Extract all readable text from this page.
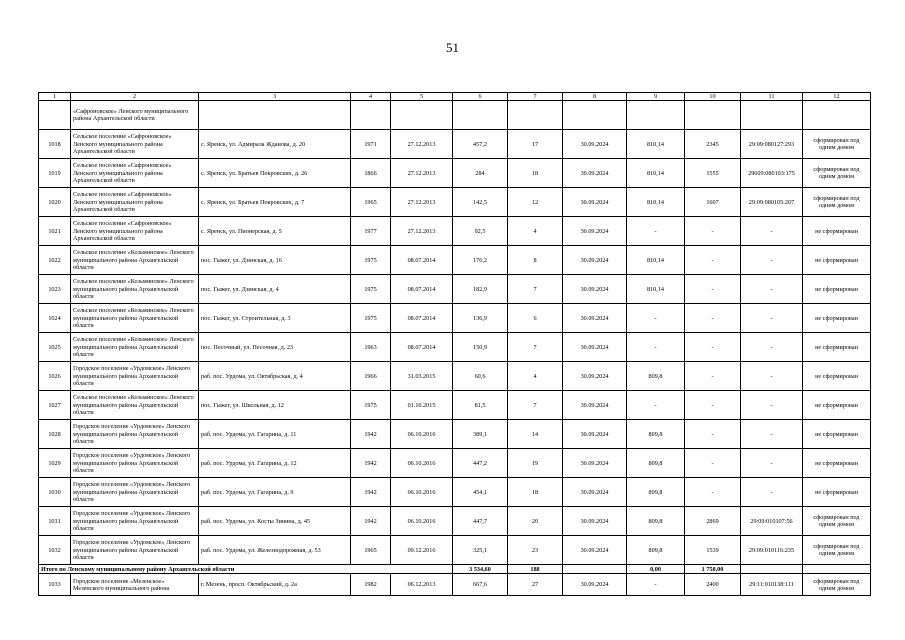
51
1	2	3	4	5	6	7	8	9	10	11	12
	«Сафроновское» Ленского муниципального района Архангельской области										
1018	Сельское поселение «Сафроновское» Ленского муниципального района Архангельской области	с. Яренск, ул. Адмирала Жданова, д. 20	1971	27.12.2013	457,2	17	30.09.2024	810,14	2345	29:09:080127:293	сформирован под одним домом
1019	Сельское поселение «Сафроновское» Ленского муниципального района Архангельской области	с. Яренск, ул. Братьев Покровских, д. 26	1866	27.12.2013	284	18	30.09.2024	810,14	1555	29609:080103:175	сформирован под одним домом
1020	Сельское поселение «Сафроновское» Ленского муниципального района Архангельской области	с. Яренск, ул. Братьев Покровских, д. 7	1965	27.12.2013	142,5	12	30.09.2024	810,14	1607	29:09:080105:207	сформирован под одним домом
1021	Сельское поселение «Сафроновское» Ленского муниципального района Архангельской области	с. Яренск, ул. Пионерская, д. 5	1977	27.12.2013	92,5	4	30.09.2024	-	-	-	не сформирован
1022	Сельское поселение «Козьминское» Ленского муниципального района Архангельской области	пос. Гыжег, ул. Дзинская, д. 16	1975	08.07.2014	176,2	8	30.09.2024	810,14	-	-	не сформирован
1023	Сельское поселение «Козьминское» Ленского муниципального района Архангельской области	пос. Гыжег, ул. Дзинская, д. 4	1975	08.07.2014	182,9	7	30.09.2024	810,14	-	-	не сформирован
1024	Сельское поселение «Козьминское» Ленского муниципального района Архангельской области	пос. Гыжег, ул. Строительная, д. 3	1975	08.07.2014	136,9	6	30.09.2024	-	-	-	не сформирован
1025	Сельское поселение «Козьминское» Ленского муниципального района Архангельской области	пос. Песочный, ул. Песочная, д. 23	1963	08.07.2014	150,9	7	30.09.2024	-	-	-	не сформирован
1026	Городское поселение «Урдомское» Ленского муниципального района Архангельской области	раб. пос. Урдома, ул. Октябрьская, д. 4	1966	31.03.2015	60,6	4	30.09.2024	809,8	-	-	не сформирован
1027	Сельское поселение «Козьминское» Ленского муниципального района Архангельской области	пос. Гыжег, ул. Школьная, д. 12	1975	01.10.2015	81,5	7	30.09.2024	-	-	-	не сформирован
1028	Городское поселение «Урдомское» Ленского муниципального района Архангельской области	раб. пос. Урдома, ул. Гагарина, д. 11	1942	06.10.2016	389,1	14	30.09.2024	809,8	-	-	не сформирован
1029	Городское поселение «Урдомское» Ленского муниципального района Архангельской области	раб. пос. Урдома, ул. Гагарина, д. 12	1942	06.10.2016	447,2	19	30.09.2024	809,8	-	-	не сформирован
1030	Городское поселение «Урдомское» Ленского муниципального района Архангельской области	раб. пос. Урдома, ул. Гагарина, д. 9	1942	06.10.2016	454,1	18	30.09.2024	809,8	-	-	не сформирован
1031	Городское поселение «Урдомское» Ленского муниципального района Архангельской области	раб. пос. Урдома, ул. Косты Зинина, д. 45	1942	06.10.2016	447,7	20	30.09.2024	809,8	2869	29:09:010107:56	сформирован под одним домом
1032	Городское поселение «Урдомское» Ленского муниципального района Архангельской области	раб. пос. Урдома, ул. Железнодорожная, д. 53	1965	09.12.2016	325,1	23	30.09.2024	809,8	1539	29:09:010116:235	сформирован под одним домом
Итого по Ленскому муниципальному району Архангельской области					3 534,60	188		0,00	1 750,00		
1033	Городское поселение «Мезенское» Мезенского муниципального района	г. Мезень, просп. Октябрьский, д. 2а	1982	06.12.2013	667,6	27	30.09.2024	-	2400	29:11:010138:111	сформирован под одним домом
